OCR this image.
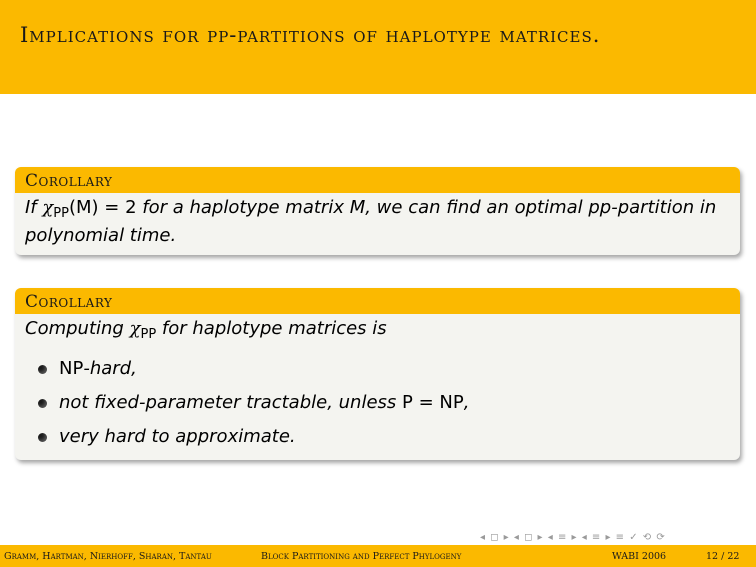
Implications for pp-partitions of haplotype matrices.
Corollary
If $\chi_{PP}(M) = 2$ for a haplotype matrix M, we can find an optimal pp-partition in polynomial time.
Corollary
Computing $\chi_{PP}$ for haplotype matrices is
NP-hard,
not fixed-parameter tractable, unless P = NP,
very hard to approximate.
◂ ◻ ▸ ◂ ◻ ▸ ◂ ≡ ▸ ◂ ≡ ▸ ≡ ✓ ⟲ ⟳
Gramm, Hartman, Nierhoff, Sharan, Tantau	Block Partitioning and Perfect Phylogeny	WABI 2006	12 / 22
